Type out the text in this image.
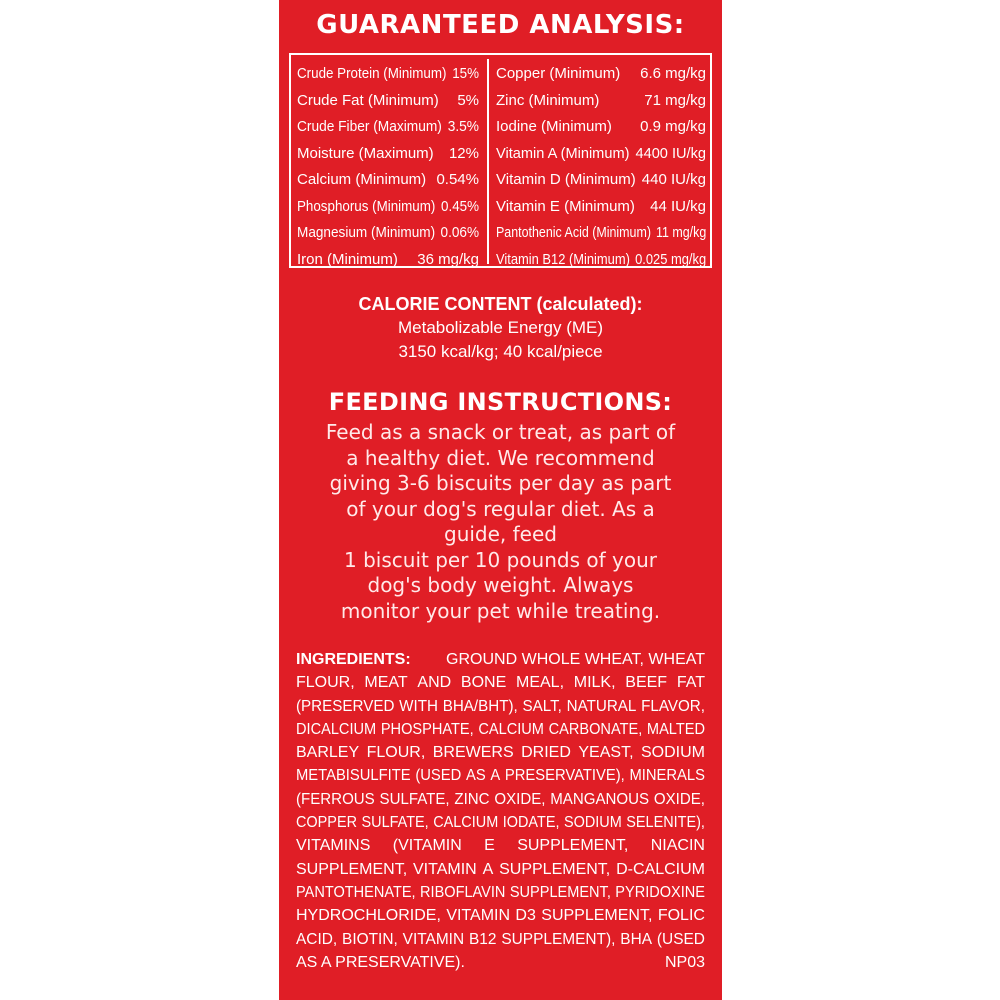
GUARANTEED ANALYSIS:
Crude Protein (Minimum) 15%
Crude Fat (Minimum) 5%
Crude Fiber (Maximum) 3.5%
Moisture (Maximum) 12%
Calcium (Minimum) 0.54%
Phosphorus (Minimum) 0.45%
Magnesium (Minimum) 0.06%
Iron (Minimum) 36 mg/kg
Copper (Minimum) 6.6 mg/kg
Zinc (Minimum)	71 mg/kg
Iodine (Minimum) 0.9 mg/kg
Vitamin A (Minimum) 4400 IU/kg
Vitamin D (Minimum) 440 IU/kg
Vitamin E (Minimum) 44 IU/kg
Pantothenic Acid (Minimum) 11 mg/kg
Vitamin B12 (Minimum) 0.025 mg/kg
CALORIE CONTENT (calculated):
Metabolizable Energy (ME)
3150 kcal/kg; 40 kcal/piece
FEEDING INSTRUCTIONS:
Feed as a snack or treat, as part of
a healthy diet. We recommend
giving 3-6 biscuits per day as part
of your dog's regular diet. As a
guide, feed
1 biscuit per 10 pounds of your
dog's body weight. Always
monitor your pet while treating.
INGREDIENTS: GROUND WHOLE WHEAT, WHEAT
FLOUR, MEAT AND BONE MEAL, MILK, BEEF FAT
(PRESERVED WITH BHA/BHT), SALT, NATURAL FLAVOR,
DICALCIUM PHOSPHATE, CALCIUM CARBONATE, MALTED
BARLEY FLOUR, BREWERS DRIED YEAST, SODIUM
METABISULFITE (USED AS A PRESERVATIVE), MINERALS
(FERROUS SULFATE, ZINC OXIDE, MANGANOUS OXIDE,
COPPER SULFATE, CALCIUM IODATE, SODIUM SELENITE),
VITAMINS (VITAMIN E SUPPLEMENT, NIACIN
SUPPLEMENT, VITAMIN A SUPPLEMENT, D-CALCIUM
PANTOTHENATE, RIBOFLAVIN SUPPLEMENT, PYRIDOXINE
HYDROCHLORIDE, VITAMIN D3 SUPPLEMENT, FOLIC
ACID, BIOTIN, VITAMIN B12 SUPPLEMENT), BHA (USED
AS A PRESERVATIVE).	NP03
